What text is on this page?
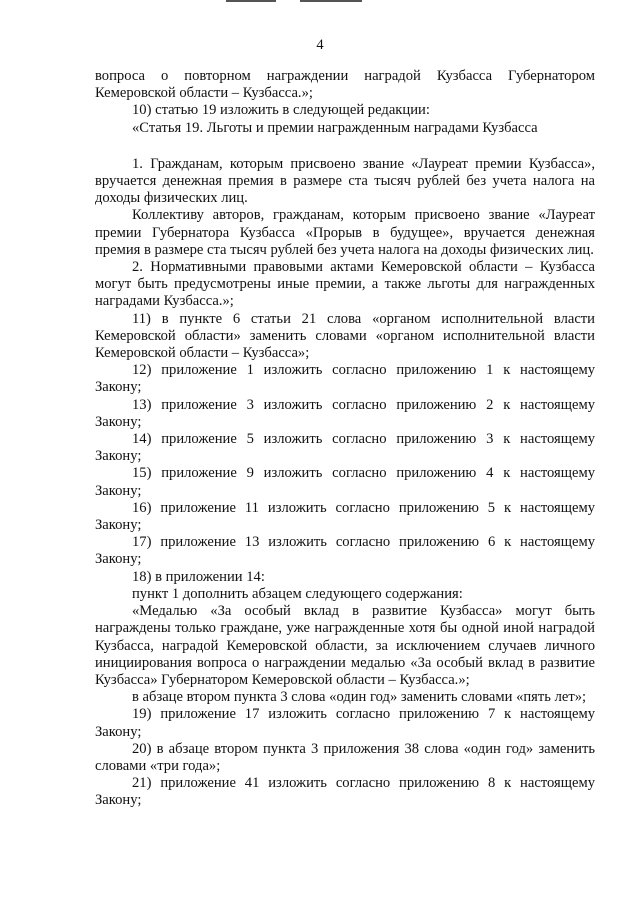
4

вопроса о повторном награждении наградой Кузбасса Губернатором Кемеровской области – Кузбасса.»;

10) статью 19 изложить в следующей редакции:

«Статья 19. Льготы и премии награжденным наградами Кузбасса

1. Гражданам, которым присвоено звание «Лауреат премии Кузбасса», вручается денежная премия в размере ста тысяч рублей без учета налога на доходы физических лиц.

Коллективу авторов, гражданам, которым присвоено звание «Лауреат премии Губернатора Кузбасса «Прорыв в будущее», вручается денежная премия в размере ста тысяч рублей без учета налога на доходы физических лиц.

2. Нормативными правовыми актами Кемеровской области – Кузбасса могут быть предусмотрены иные премии, а также льготы для награжденных наградами Кузбасса.»;

11) в пункте 6 статьи 21 слова «органом исполнительной власти Кемеровской области» заменить словами «органом исполнительной власти Кемеровской области – Кузбасса»;

12) приложение 1 изложить согласно приложению 1 к настоящему Закону;

13) приложение 3 изложить согласно приложению 2 к настоящему Закону;

14) приложение 5 изложить согласно приложению 3 к настоящему Закону;

15) приложение 9 изложить согласно приложению 4 к настоящему Закону;

16) приложение 11 изложить согласно приложению 5 к настоящему Закону;

17) приложение 13 изложить согласно приложению 6 к настоящему Закону;

18) в приложении 14:

пункт 1 дополнить абзацем следующего содержания:

«Медалью «За особый вклад в развитие Кузбасса» могут быть награждены только граждане, уже награжденные хотя бы одной иной наградой Кузбасса, наградой Кемеровской области, за исключением случаев личного инициирования вопроса о награждении медалью «За особый вклад в развитие Кузбасса» Губернатором Кемеровской области – Кузбасса.»;

в абзаце втором пункта 3 слова «один год» заменить словами «пять лет»;

19) приложение 17 изложить согласно приложению 7 к настоящему Закону;

20) в абзаце втором пункта 3 приложения 38 слова «один год» заменить словами «три года»;

21) приложение 41 изложить согласно приложению 8 к настоящему Закону;
